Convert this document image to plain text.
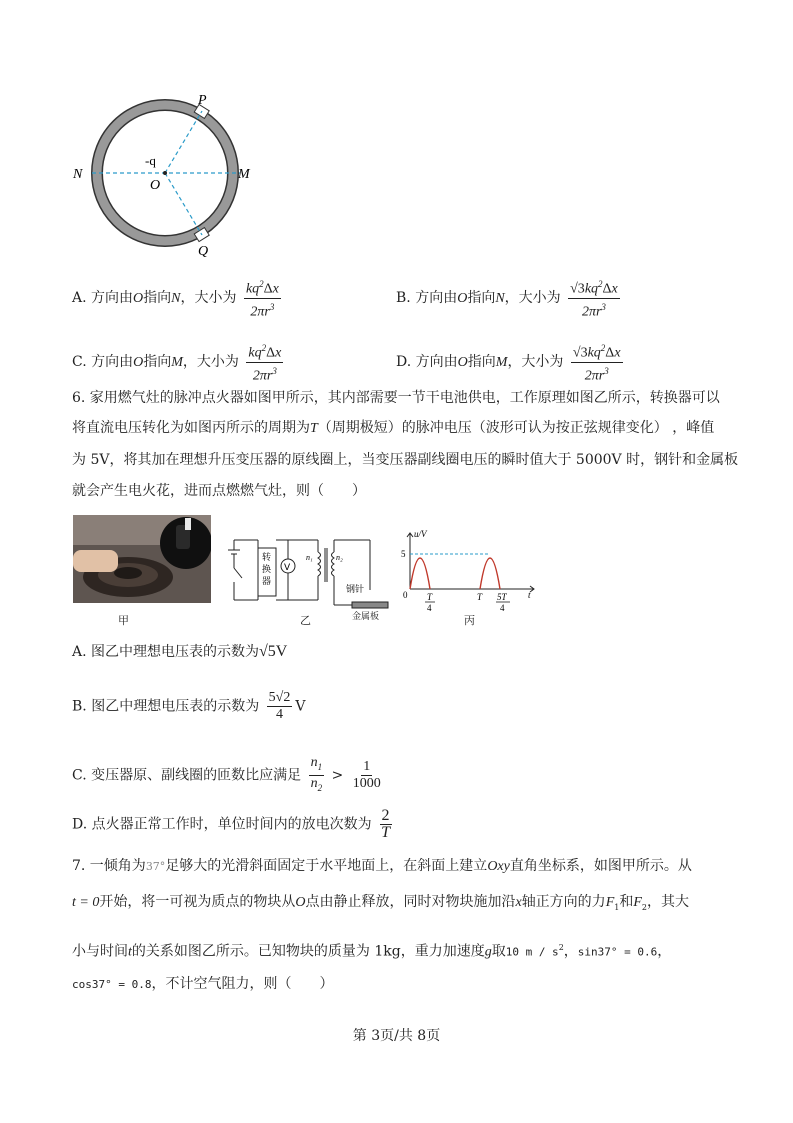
P
Q
N	M
O
-q
A. 方向由O指向N，大小为 $\frac{kq^2\Delta x}{2\pi r^3}$	B. 方向由O指向N，大小为 $\frac{√3kq^2\Delta x}{2\pi r^3}$
C. 方向由O指向M，大小为 $\frac{kq^2\Delta x}{2\pi r^3}$	D. 方向由O指向M，大小为 $\frac{√3kq^2\Delta x}{2\pi r^3}$
6. 家用燃气灶的脉冲点火器如图甲所示，其内部需要一节干电池供电，工作原理如图乙所示，转换器可以
将直流电压转化为如图丙所示的周期为T（周期极短）的脉冲电压（波形可认为按正弦规律变化） ，峰值
为 5V，将其加在理想升压变压器的原线圈上，当变压器副线圈电压的瞬时值大于 5000V 时，钢针和金属板
就会产生电火花，进而点燃燃气灶，则（　　）
甲
转
换
器
V
n₁	n₂
钢针
金属板
乙
u/V
5
0	t
T
4
T 5T
4
丙
A. 图乙中理想电压表的示数为√5V
B. 图乙中理想电压表的示数为 $\frac{5√2}{4}$ V
C. 变压器原、副线圈的匝数比应满足 $\frac{n_1}{n_2} > \frac{1}{1000}$
D. 点火器正常工作时，单位时间内的放电次数为 $\frac{2}{T}$
7. 一倾角为37°足够大的光滑斜面固定于水平地面上，在斜面上建立Oxy直角坐标系，如图甲所示。从
t = 0开始，将一可视为质点的物块从O点由静止释放，同时对物块施加沿x轴正方向的力$F_1$和$F_2$，其大
小与时间t的关系如图乙所示。已知物块的质量为 1kg，重力加速度g取10 m / $s^2$，sin37° = 0.6，
cos37° = 0.8，不计空气阻力，则（　　）
第 3页/共 8页
